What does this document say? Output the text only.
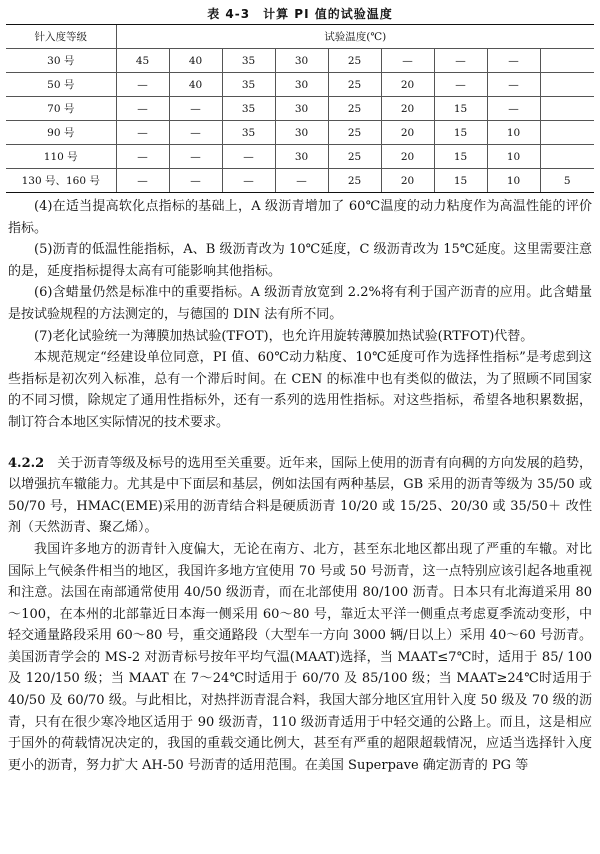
表 4-3　计算 PI 值的试验温度
针入度等级	试验温度(℃)								
30 号	45	40	35	30	25	—	—	—	
50 号	—	40	35	30	25	20	—	—	
70 号	—	—	35	30	25	20	15	—	
90 号	—	—	35	30	25	20	15	10	
110 号	—	—	—	30	25	20	15	10	
130 号、160 号	—	—	—	—	25	20	15	10	5

(4)在适当提高软化点指标的基础上，A 级沥青增加了 60℃温度的动力粘度作为高温性能的评价指标。

(5)沥青的低温性能指标，A、B 级沥青改为 10℃延度，C 级沥青改为 15℃延度。这里需要注意的是，延度指标提得太高有可能影响其他指标。

(6)含蜡量仍然是标准中的重要指标。A 级沥青放宽到 2.2%将有利于国产沥青的应用。此含蜡量是按试验规程的方法测定的，与德国的 DIN 法有所不同。

(7)老化试验统一为薄膜加热试验(TFOT)，也允许用旋转薄膜加热试验(RTFOT)代替。

本规范规定“经建设单位同意，PI 值、60℃动力粘度、10℃延度可作为选择性指标”是考虑到这些指标是初次列入标准，总有一个滞后时间。在 CEN 的标准中也有类似的做法，为了照顾不同国家的不同习惯，除规定了通用性指标外，还有一系列的选用性指标。对这些指标，希望各地积累数据，制订符合本地区实际情况的技术要求。

4.2.2　关于沥青等级及标号的选用至关重要。近年来，国际上使用的沥青有向稠的方向发展的趋势，以增强抗车辙能力。尤其是中下面层和基层，例如法国有两种基层，GB 采用的沥青等级为 35/50 或 50/70 号，HMAC(EME)采用的沥青结合料是硬质沥青 10/20 或 15/25、20/30 或 35/50＋ 改性剂（天然沥青、聚乙烯）。

我国许多地方的沥青针入度偏大，无论在南方、北方，甚至东北地区都出现了严重的车辙。对比国际上气候条件相当的地区，我国许多地方宜使用 70 号或 50 号沥青，这一点特别应该引起各地重视和注意。法国在南部通常使用 40/50 级沥青，而在北部使用 80/100 沥青。日本只有北海道采用 80～100，在本州的北部靠近日本海一侧采用 60～80 号，靠近太平洋一侧重点考虑夏季流动变形，中轻交通量路段采用 60～80 号，重交通路段（大型车一方向 3000 辆/日以上）采用 40～60 号沥青。美国沥青学会的 MS-2 对沥青标号按年平均气温(MAAT)选择，当 MAAT≤7℃时，适用于 85/ 100 及 120/150 级；当 MAAT 在 7～24℃时适用于 60/70 及 85/100 级；当 MAAT≥24℃时适用于 40/50 及 60/70 级。与此相比，对热拌沥青混合料，我国大部分地区宜用针入度 50 级及 70 级的沥青，只有在很少寒冷地区适用于 90 级沥青，110 级沥青适用于中轻交通的公路上。而且，这是相应于国外的荷载情况决定的，我国的重载交通比例大，甚至有严重的超限超载情况，应适当选择针入度更小的沥青，努力扩大 AH-50 号沥青的适用范围。在美国 Superpave 确定沥青的 PG 等
